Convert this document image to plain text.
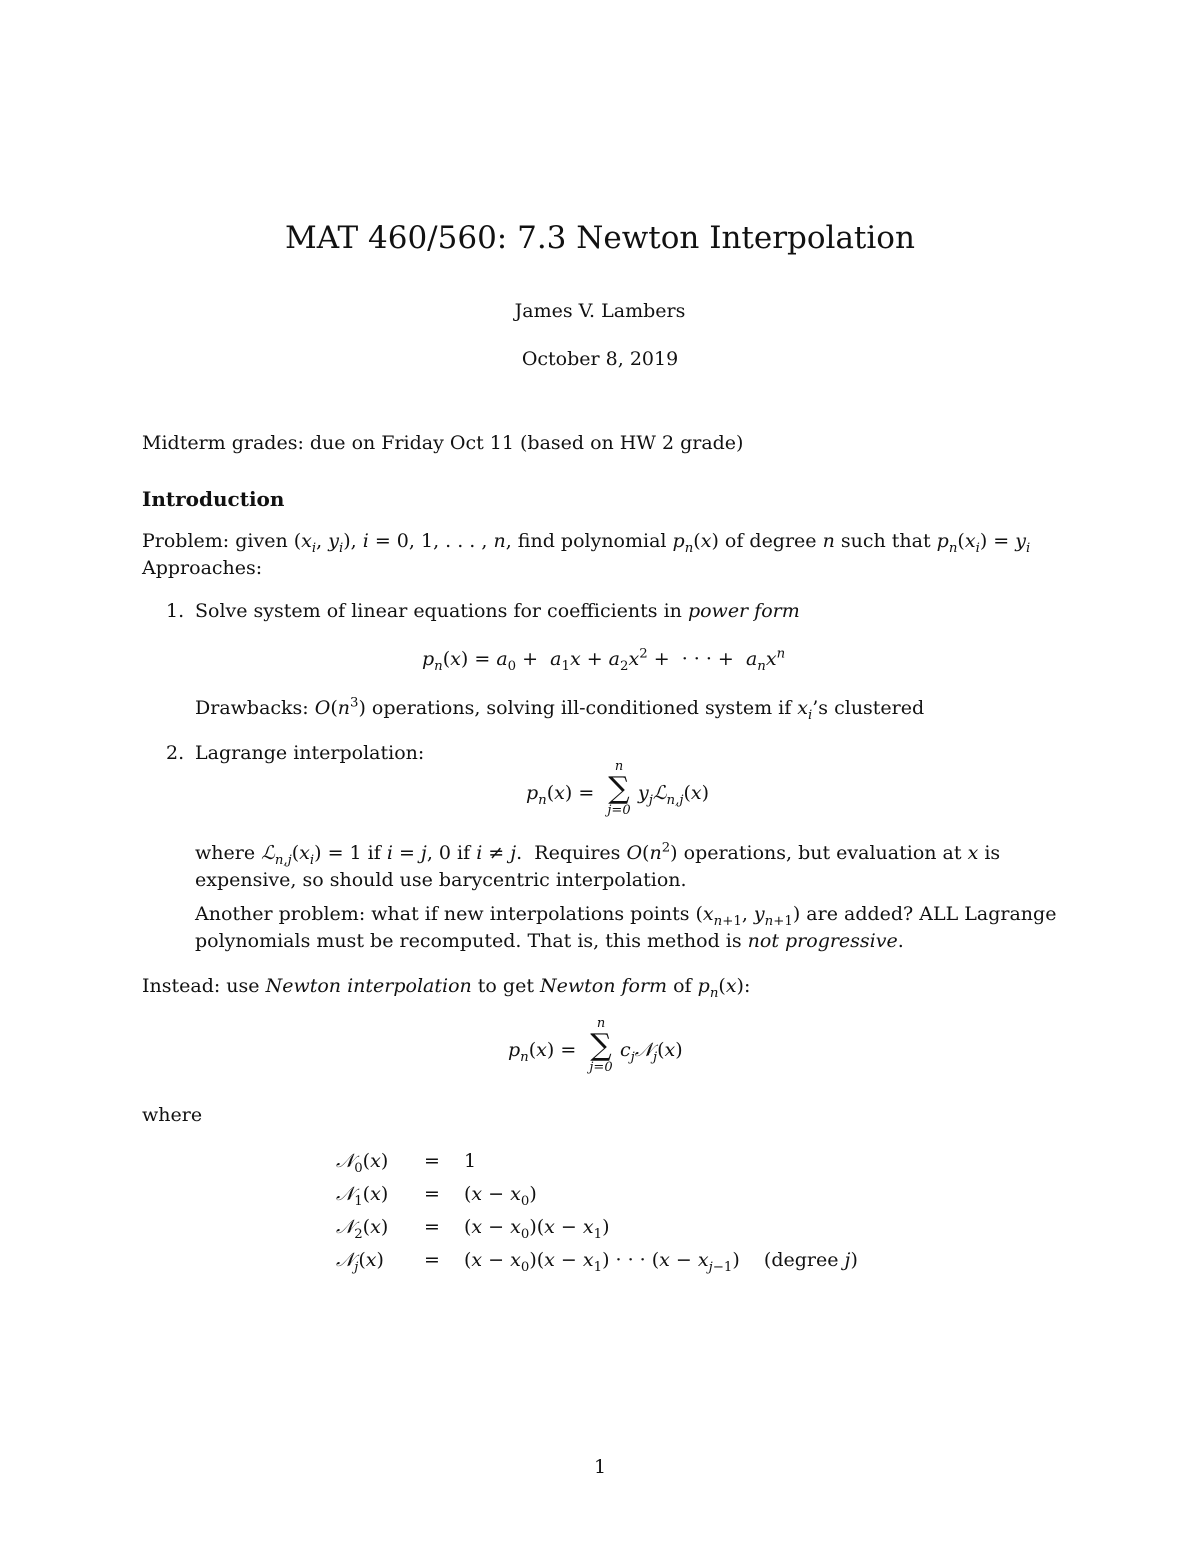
MAT 460/560: 7.3 Newton Interpolation
James V. Lambers
October 8, 2019
Midterm grades: due on Friday Oct 11 (based on HW 2 grade)
Introduction
Problem: given ($x_i$, $y_i$), i = 0, 1, . . . , n, find polynomial $p_n(x)$ of degree n such that $p_n(x_i) = y_i$
Approaches:
1. Solve system of linear equations for coefficients in power form
$p_n(x) = a_0 + a_1x + a_2x^2$ +  · · · +  $a_nx^n$
Drawbacks: $O(n^3)$ operations, solving ill-conditioned system if $x_i’s$ clustered
2. Lagrange interpolation:
$p_n(x)$ =
n
∑
j=0
$y_jℒ_{n,j}(x)$
where $ℒ_{n,j}(x_i) = 1$ if i = j, 0 if i ≠ j.  Requires $O(n^2)$ operations, but evaluation at x is
expensive, so should use barycentric interpolation.
Another problem: what if new interpolations points ($x_{n+1}$, $y_{n+1}$) are added? ALL Lagrange
polynomials must be recomputed. That is, this method is not progressive.
Instead: use Newton interpolation to get Newton form of $p_n(x)$:
$p_n(x)$ =
n
∑
j=0
$c_j𝒩_j(x)$
where
𝒩$_0$(x) = 1
𝒩$_1$(x) = $(x - x_0)$
𝒩$_2$(x) = $(x - x_0)(x - x_1)$
𝒩$_j$(x) = $(x - x_0)(x - x_1)$ · · · $(x - x_{j-1})$    (degree j)
1
